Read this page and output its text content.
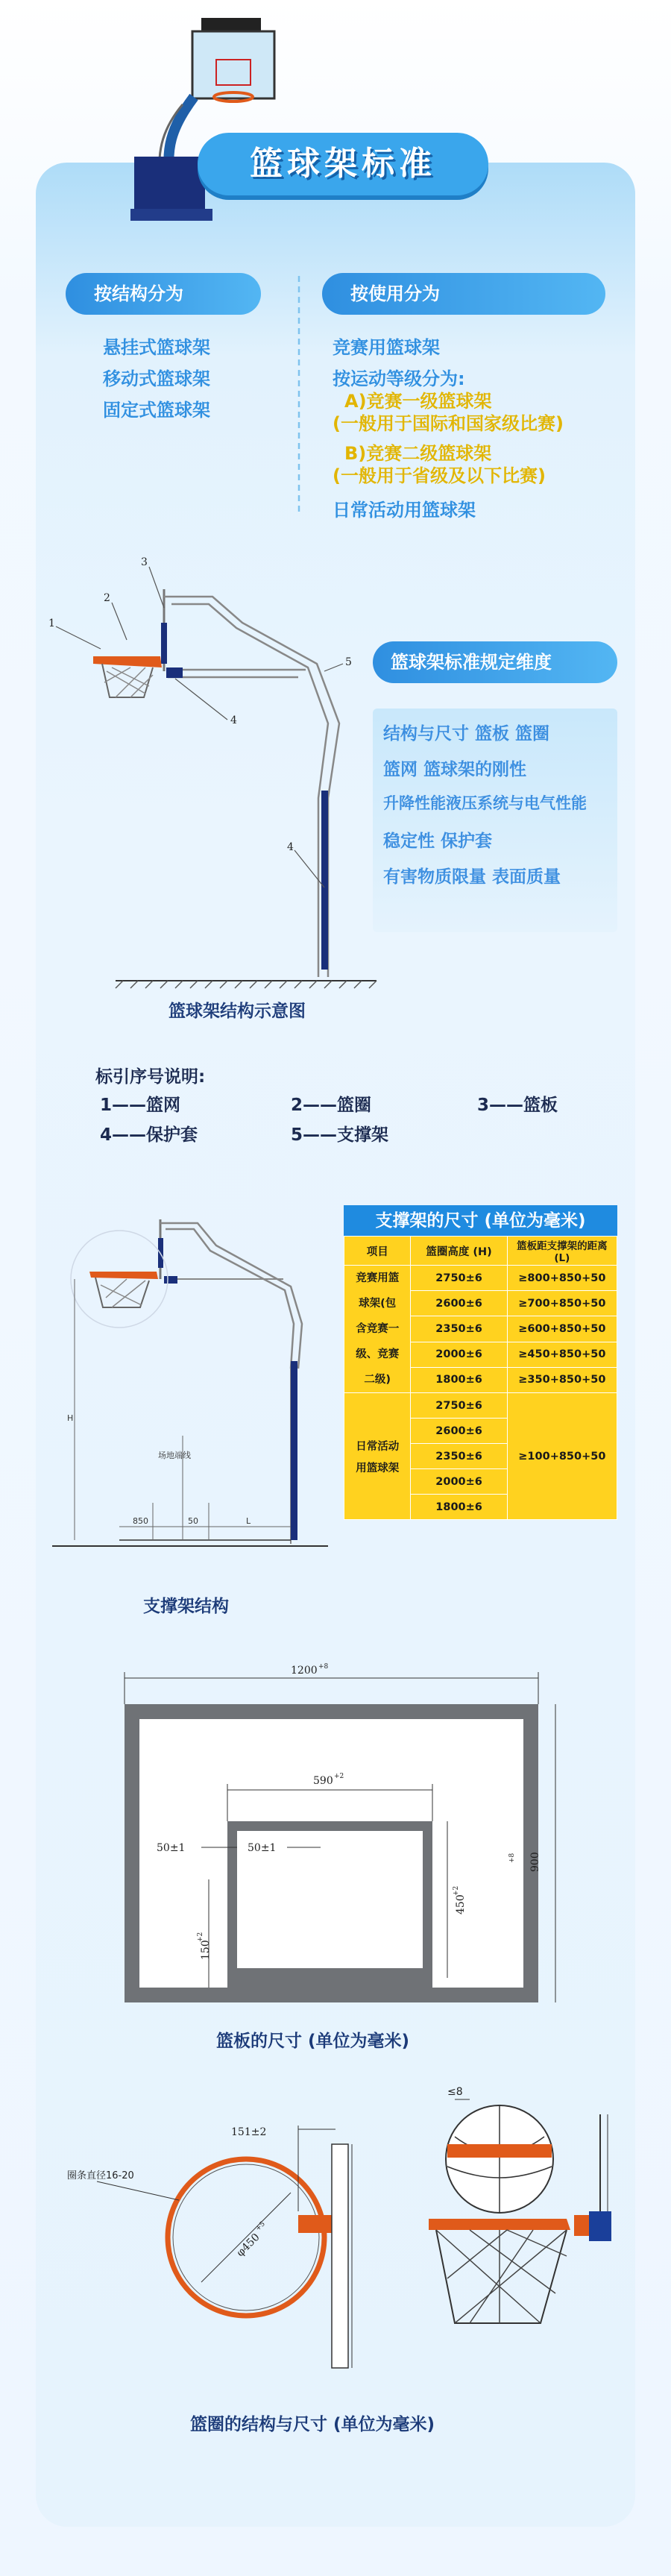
篮球架标准
按结构分为
悬挂式篮球架
移动式篮球架
固定式篮球架
按使用分为
竞赛用篮球架
按运动等级分为:
A)竞赛一级篮球架
(一般用于国际和国家级比赛)
B)竞赛二级篮球架
(一般用于省级及以下比赛)
日常活动用篮球架
1
2
3
4
4
5	篮球架标准规定维度
结构与尺寸 篮板 篮圈
篮网 篮球架的刚性
升降性能液压系统与电气性能
稳定性 保护套
有害物质限量 表面质量
篮球架结构示意图
标引序号说明:
1——篮网	2——篮圈	3——篮板
4——保护套	5——支撑架
场地端线
850	50	L
H
支撑架的尺寸 (单位为毫米)
项目	篮圈高度 (H)	篮板距支撑架的距离 (L)

竞赛用篮
球架(包
含竞赛一
级、竞赛
二级)	2750±6	≥800+850+50
	2600±6	≥700+850+50
	2350±6	≥600+850+50
	2000±6	≥450+850+50
	1800±6	≥350+850+50

日常活动
用篮球架	2750±6	≥100+850+50
	2600±6	
	2350±6	
	2000±6	
	1800±6	
支撑架结构
1200 +8
900
+8
590 +2
450
+2
50±1	50±1
150
+2
篮板的尺寸 (单位为毫米)
151±2
圈条直径16-20
φ450
+5
≤8
篮圈的结构与尺寸 (单位为毫米)
